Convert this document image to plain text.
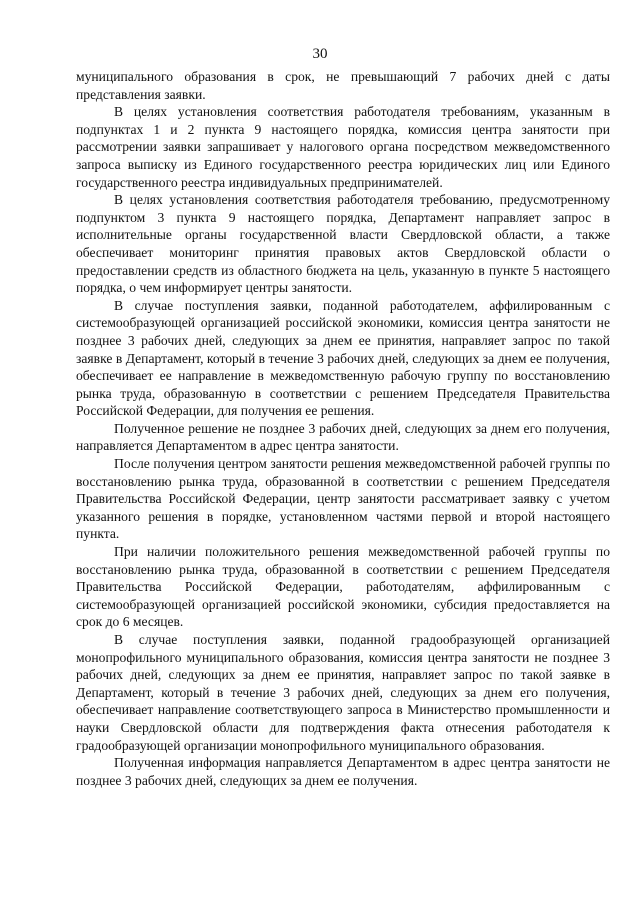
30

муниципального образования в срок, не превышающий 7 рабочих дней с даты представления заявки.

В целях установления соответствия работодателя требованиям, указанным в подпунктах 1 и 2 пункта 9 настоящего порядка, комиссия центра занятости при рассмотрении заявки запрашивает у налогового органа посредством межведомственного запроса выписку из Единого государственного реестра юридических лиц или Единого государственного реестра индивидуальных предпринимателей.

В целях установления соответствия работодателя требованию, предусмотренному подпунктом 3 пункта 9 настоящего порядка, Департамент направляет запрос в исполнительные органы государственной власти Свердловской области, а также обеспечивает мониторинг принятия правовых актов Свердловской области о предоставлении средств из областного бюджета на цель, указанную в пункте 5 настоящего порядка, о чем информирует центры занятости.

В случае поступления заявки, поданной работодателем, аффилированным с системообразующей организацией российской экономики, комиссия центра занятости не позднее 3 рабочих дней, следующих за днем ее принятия, направляет запрос по такой заявке в Департамент, который в течение 3 рабочих дней, следующих за днем ее получения, обеспечивает ее направление в межведомственную рабочую группу по восстановлению рынка труда, образованную в соответствии с решением Председателя Правительства Российской Федерации, для получения ее решения.

Полученное решение не позднее 3 рабочих дней, следующих за днем его получения, направляется Департаментом в адрес центра занятости.

После получения центром занятости решения межведомственной рабочей группы по восстановлению рынка труда, образованной в соответствии с решением Председателя Правительства Российской Федерации, центр занятости рассматривает заявку с учетом указанного решения в порядке, установленном частями первой и второй настоящего пункта.

При наличии положительного решения межведомственной рабочей группы по восстановлению рынка труда, образованной в соответствии с решением Председателя Правительства Российской Федерации, работодателям, аффилированным с системообразующей организацией российской экономики, субсидия предоставляется на срок до 6 месяцев.

В случае поступления заявки, поданной градообразующей организацией монопрофильного муниципального образования, комиссия центра занятости не позднее 3 рабочих дней, следующих за днем ее принятия, направляет запрос по такой заявке в Департамент, который в течение 3 рабочих дней, следующих за днем его получения, обеспечивает направление соответствующего запроса в Министерство промышленности и науки Свердловской области для подтверждения факта отнесения работодателя к градообразующей организации монопрофильного муниципального образования.

Полученная информация направляется Департаментом в адрес центра занятости не позднее 3 рабочих дней, следующих за днем ее получения.
